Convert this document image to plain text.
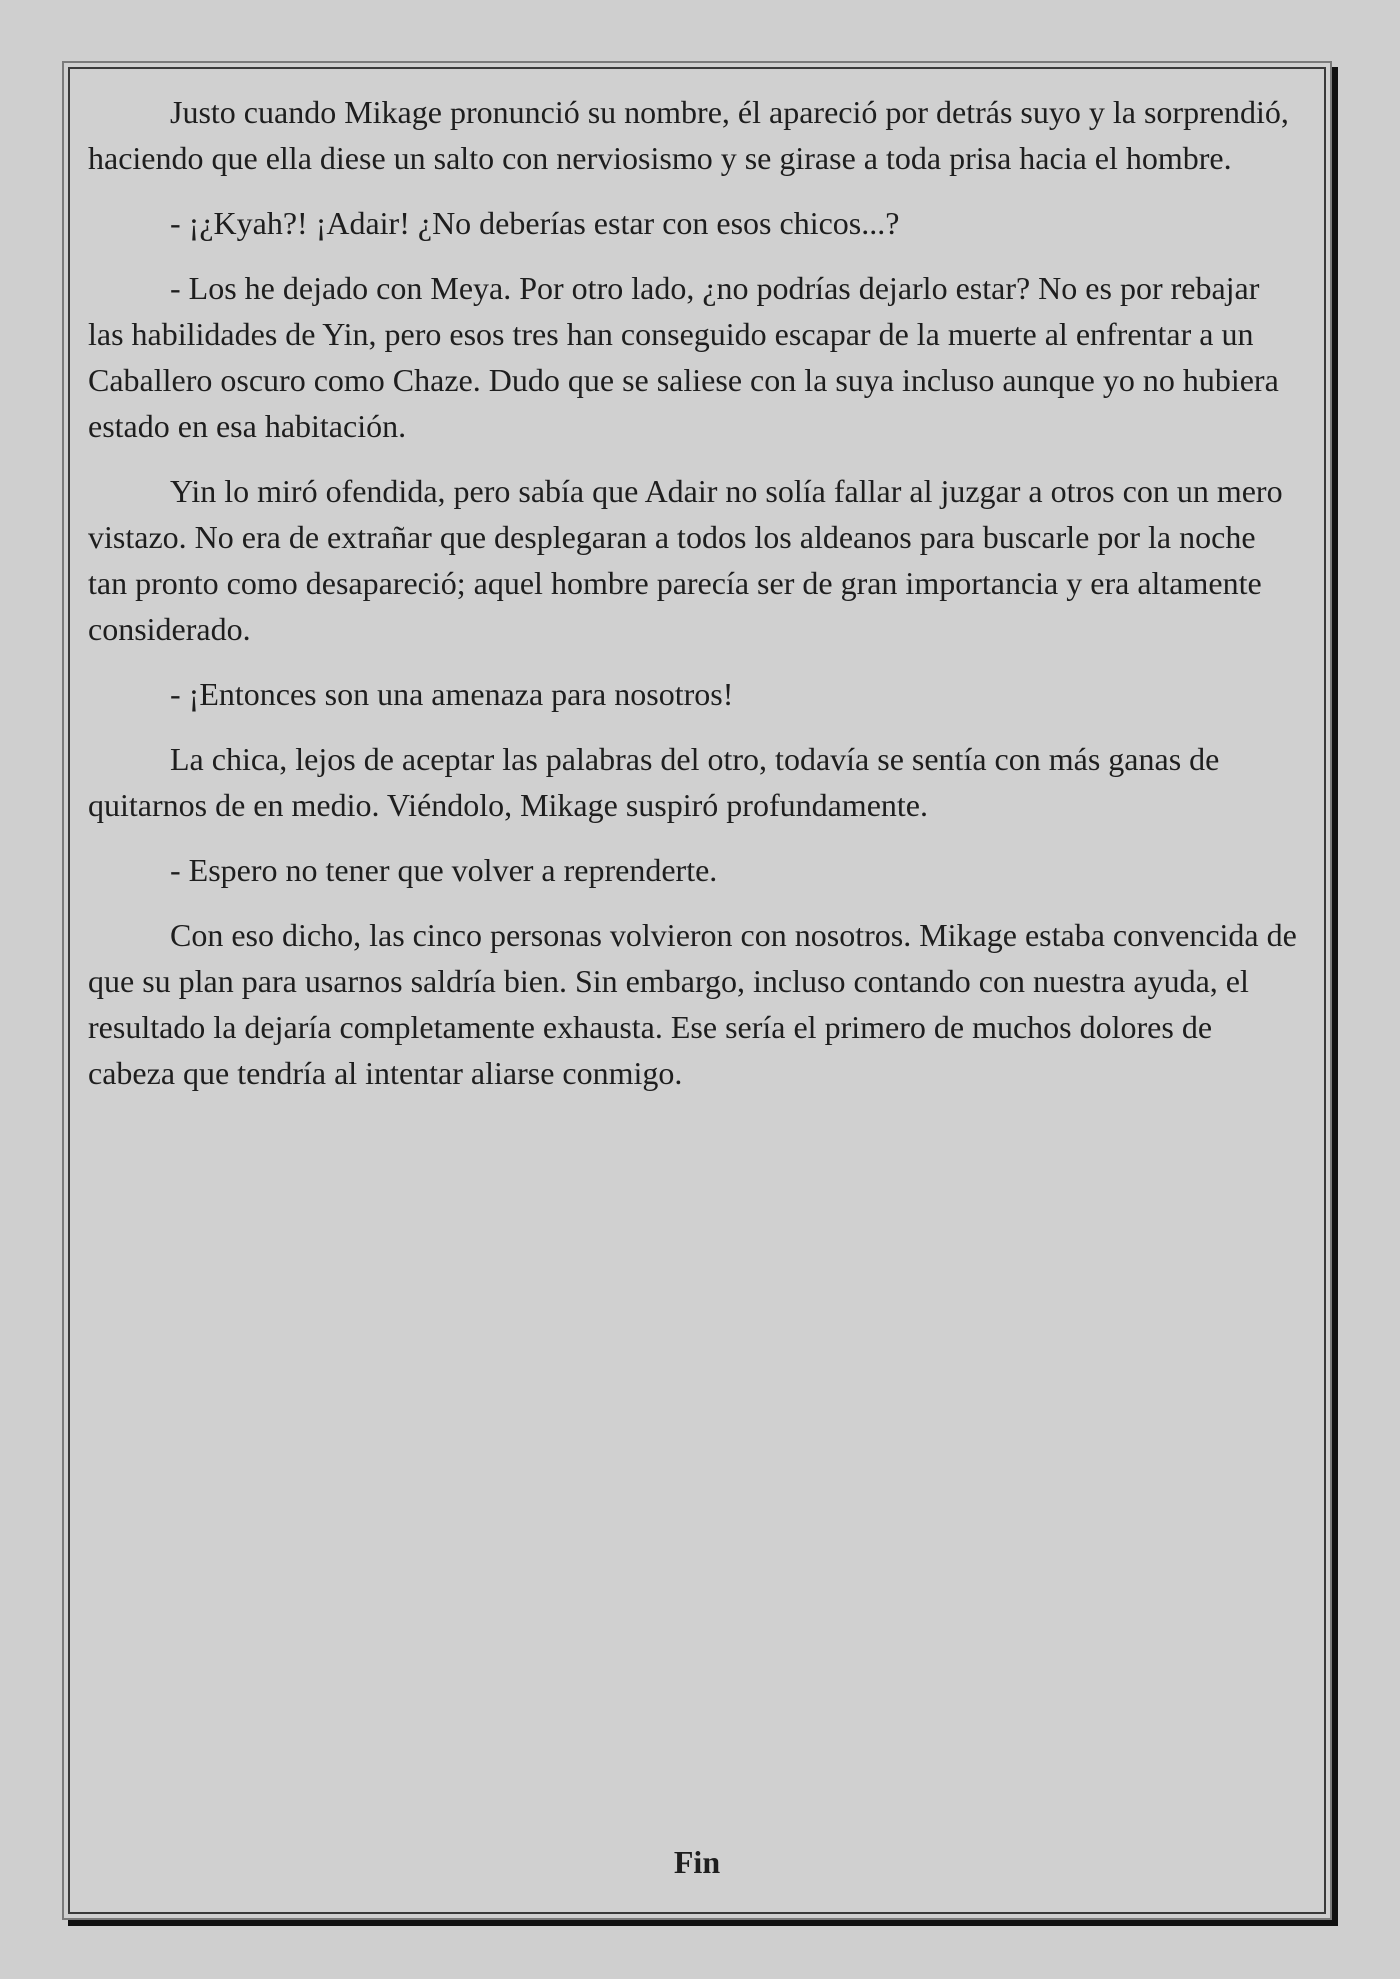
Justo cuando Mikage pronunció su nombre, él apareció por detrás suyo y la sorprendió, haciendo que ella diese un salto con nerviosismo y se girase a toda prisa hacia el hombre.

- ¡¿Kyah?! ¡Adair! ¿No deberías estar con esos chicos...?

- Los he dejado con Meya. Por otro lado, ¿no podrías dejarlo estar? No es por rebajar las habilidades de Yin, pero esos tres han conseguido escapar de la muerte al enfrentar a un Caballero oscuro como Chaze. Dudo que se saliese con la suya incluso aunque yo no hubiera estado en esa habitación.

Yin lo miró ofendida, pero sabía que Adair no solía fallar al juzgar a otros con un mero vistazo. No era de extrañar que desplegaran a todos los aldeanos para buscarle por la noche tan pronto como desapareció; aquel hombre parecía ser de gran importancia y era altamente considerado.

- ¡Entonces son una amenaza para nosotros!

La chica, lejos de aceptar las palabras del otro, todavía se sentía con más ganas de quitarnos de en medio. Viéndolo, Mikage suspiró profundamente.

- Espero no tener que volver a reprenderte.

Con eso dicho, las cinco personas volvieron con nosotros. Mikage estaba convencida de que su plan para usarnos saldría bien. Sin embargo, incluso contando con nuestra ayuda, el resultado la dejaría completamente exhausta. Ese sería el primero de muchos dolores de cabeza que tendría al intentar aliarse conmigo.

Fin
